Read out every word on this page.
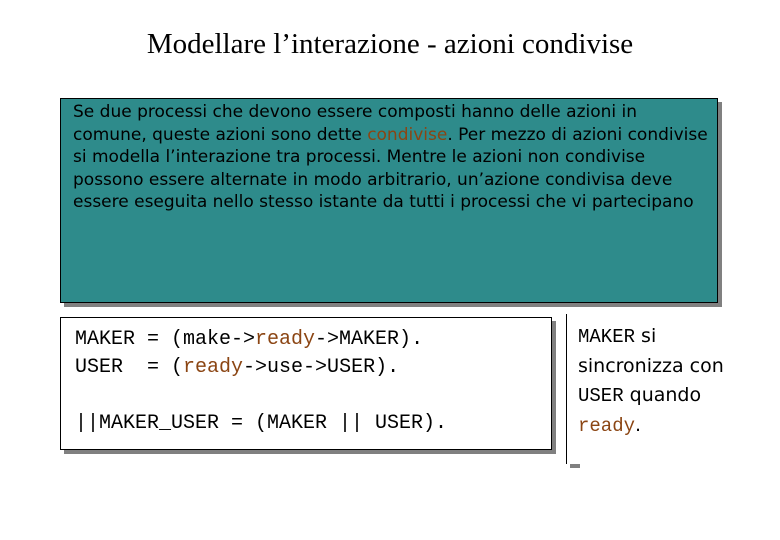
Modellare l’interazione - azioni condivise

Se due processi che devono essere composti hanno delle azioni in comune, queste azioni sono dette condivise. Per mezzo di azioni condivise si modella l’interazione tra processi. Mentre le azioni non condivise possono essere alternate in modo arbitrario, un’azione condivisa deve essere eseguita nello stesso istante da tutti i processi che vi partecipano

MAKER = (make->ready->MAKER).
USER  = (ready->use->USER).

||MAKER_USER = (MAKER || USER).
MAKER si sincronizza con USER quando ready.
